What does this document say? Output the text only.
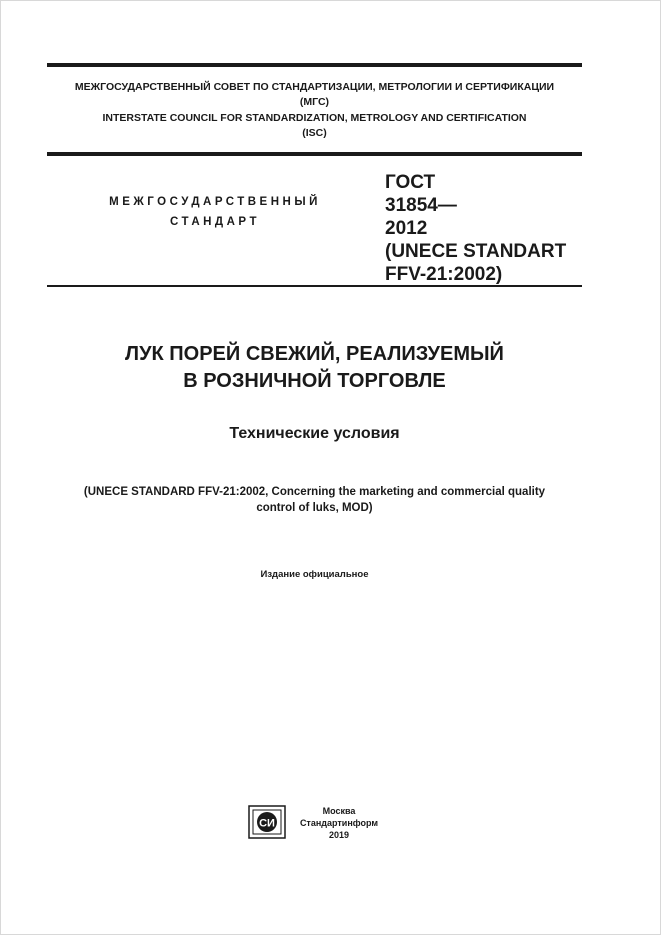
МЕЖГОСУДАРСТВЕННЫЙ СОВЕТ ПО СТАНДАРТИЗАЦИИ, МЕТРОЛОГИИ И СЕРТИФИКАЦИИ
(МГС)
INTERSTATE COUNCIL FOR STANDARDIZATION, METROLOGY AND CERTIFICATION
(ISC)
МЕЖГОСУДАРСТВЕННЫЙ
СТАНДАРТ
ГОСТ
31854—
2012
(UNECE STANDART
FFV-21:2002)
ЛУК ПОРЕЙ СВЕЖИЙ, РЕАЛИЗУЕМЫЙ
В РОЗНИЧНОЙ ТОРГОВЛЕ
Технические условия
(UNECE STANDARD FFV-21:2002, Concerning the marketing and commercial quality
control of luks, MOD)
Издание официальное
СИ
Москва
Стандартинформ
2019
